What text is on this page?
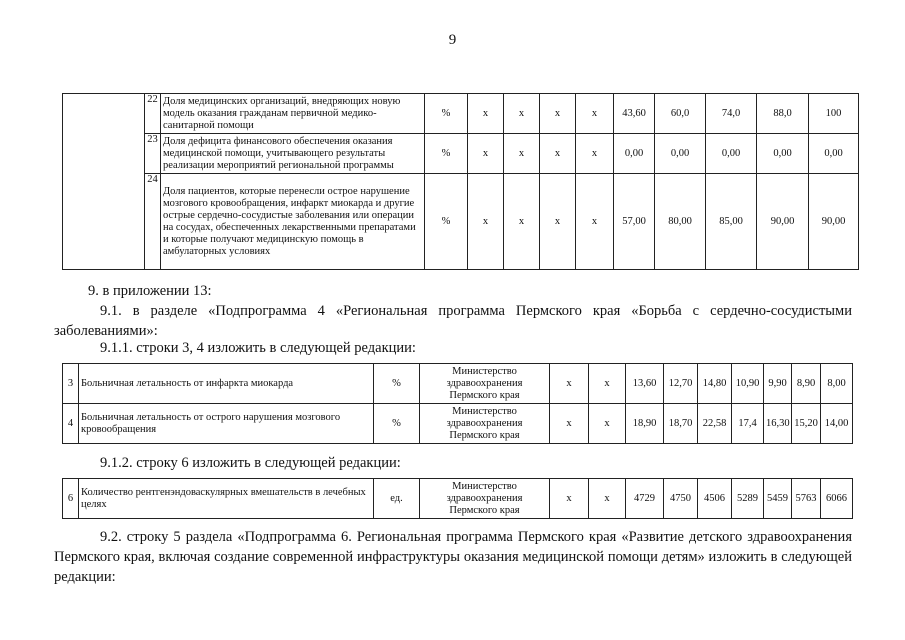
9
	22	Доля медицинских организаций, внедряющих новую модель оказания гражданам первичной медико-санитарной помощи	%	x	x	x	x	43,60	60,0	74,0	88,0	100
	23	Доля дефицита финансового обеспечения оказания медицинской помощи, учитывающего результаты реализации мероприятий региональной программы	%	x	x	x	x	0,00	0,00	0,00	0,00	0,00
	24	Доля пациентов, которые перенесли острое нарушение мозгового кровообращения, инфаркт миокарда и другие острые сердечно-сосудистые заболевания или операции на сосудах, обеспеченных лекарственными препаратами и которые получают медицинскую помощь в амбулаторных условиях	%	x	x	x	x	57,00	80,00	85,00	90,00	90,00
9. в приложении 13:
9.1. в разделе «Подпрограмма 4 «Региональная программа Пермского края «Борьба с сердечно-сосудистыми заболеваниями»:
9.1.1. строки 3, 4 изложить в следующей редакции:
3	Больничная летальность от инфаркта миокарда	%	Министерство здравоохранения Пермского края	x	x	13,60	12,70	14,80	10,90	9,90	8,90	8,00
4	Больничная летальность от острого нарушения мозгового кровообращения	%	Министерство здравоохранения Пермского края	x	x	18,90	18,70	22,58	17,4	16,30	15,20	14,00
9.1.2. строку 6 изложить в следующей редакции:
6	Количество рентгенэндоваскулярных вмешательств в лечебных целях	ед.	Министерство здравоохранения Пермского края	x	x	4729	4750	4506	5289	5459	5763	6066
9.2. строку 5 раздела «Подпрограмма 6. Региональная программа Пермского края «Развитие детского здравоохранения Пермского края, включая создание современной инфраструктуры оказания медицинской помощи детям» изложить в следующей редакции:
